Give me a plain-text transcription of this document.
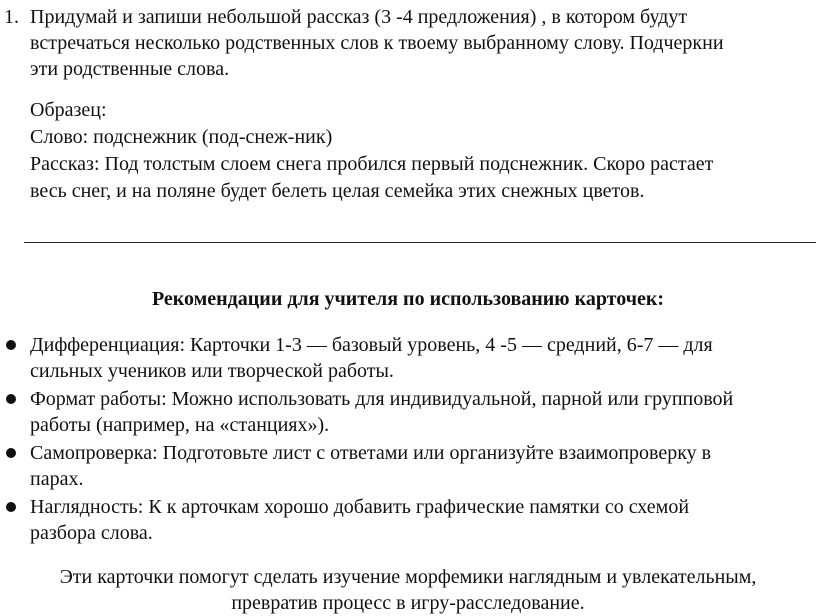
1. Придумай и запиши небольшой рассказ (3 -4 предложения) , в котором будут
встречаться несколько родственных слов к твоему выбранному слову. Подчеркни
эти родственные слова.
Образец:
Слово: подснежник (под-снеж-ник)
Рассказ: Под толстым слоем снега пробился первый подснежник. Скоро растает
весь снег, и на поляне будет белеть целая семейка этих снежных цветов.
Рекомендации для учителя по использованию карточек:
Дифференциация: Карточки 1-3 — базовый уровень, 4 -5 — средний, 6-7 — для
сильных учеников или творческой работы.
Формат работы: Можно использовать для индивидуальной, парной или групповой
работы (например, на «станциях»).
Самопроверка: Подготовьте лист с ответами или организуйте взаимопроверку в
парах.
Наглядность: К к арточкам хорошо добавить графические памятки со схемой
разбора слова.
Эти карточки помогут сделать изучение морфемики наглядным и увлекательным,
превратив процесс в игру-расследование.
